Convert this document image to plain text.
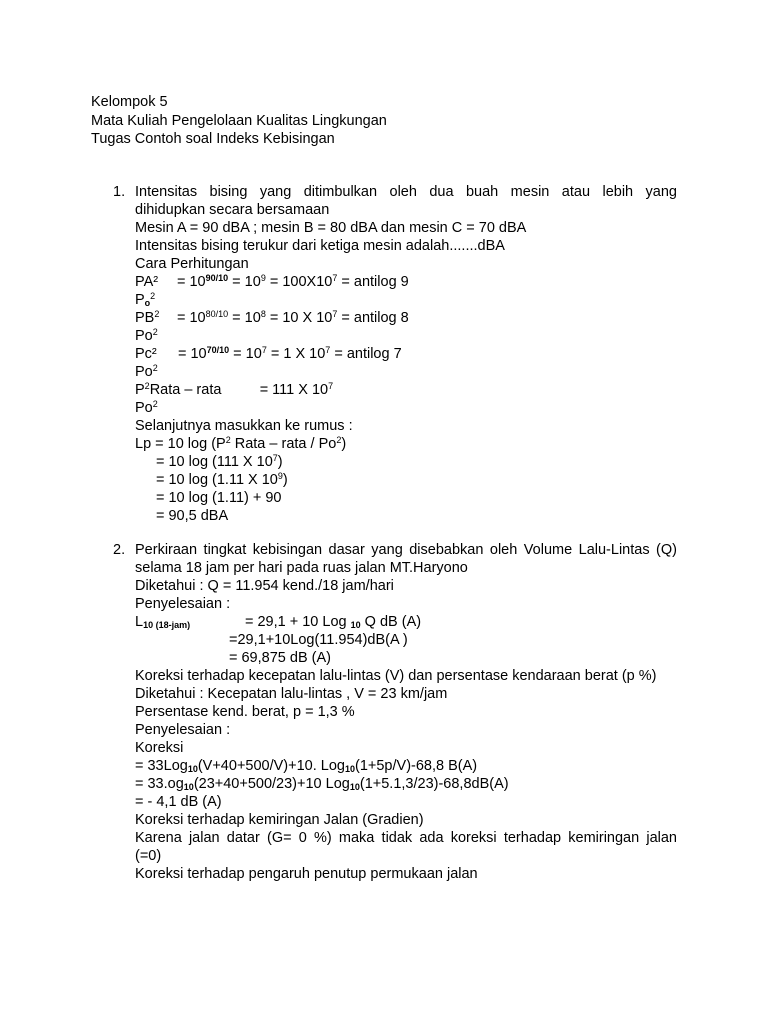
Kelompok 5
Mata Kuliah Pengelolaan Kualitas Lingkungan
Tugas Contoh soal Indeks Kebisingan
1. Intensitas bising yang ditimbulkan oleh dua buah mesin atau lebih yang
dihidupkan secara bersamaan
Mesin A = 90 dBA ; mesin B = 80 dBA dan mesin C = 70 dBA
Intensitas bising terukur dari ketiga mesin adalah.......dBA
Cara Perhitungan
$PA^2 = 10^{90/10} = 10^9 = 100X10^7$ = antilog 9
$P_o^2$
$PB^2 = 10^{80/10} = 10^8 = 10$ X $10^7$ = antilog 8
Po$^2$
$Pc^2 = 10^{70/10} = 10^7 = 1$ X $10^7$ = antilog 7
Po$^2$
$P^2Rata$ – rata	= 111 X $10^7$
Po$^2$
Selanjutnya masukkan ke rumus :
Lp = 10 $\log (P^2$ Rata – rata / $Po^2$)
= 10 log (111 X $10^7$)
= 10 log (1.11 X $10^9$)
= 10 log (1.11) + 90
= 90,5 dBA
2. Perkiraan tingkat kebisingan dasar yang disebabkan oleh Volume Lalu-Lintas (Q)
selama 18 jam per hari pada ruas jalan MT.Haryono
Diketahui : Q = 11.954 kend./18 jam/hari
Penyelesaian :
$L_{10 (18-jam)}$	= 29,1 + 10 Log $_{10}$ Q dB (A)
=29,1+10Log(11.954)dB(A )
= 69,875 dB (A)
Koreksi terhadap kecepatan lalu-lintas (V) dan persentase kendaraan berat (p %)
Diketahui : Kecepatan lalu-lintas , V = 23 km/jam
Persentase kend. berat, p = 1,3 %
Penyelesaian :
Koreksi
= 33Log$_{10}$(V+40+500/V)+10. Log$_{10}$(1+5p/V)-68,8 B(A)
= $33.og_{10}(23+40+500/23)+10$ Log$_{10}$(1+5.1,3/23)-68,8dB(A)
= - 4,1 dB (A)
Koreksi terhadap kemiringan Jalan (Gradien)
Karena jalan datar (G= 0 %) maka tidak ada koreksi terhadap kemiringan jalan
(=0)
Koreksi terhadap pengaruh penutup permukaan jalan
